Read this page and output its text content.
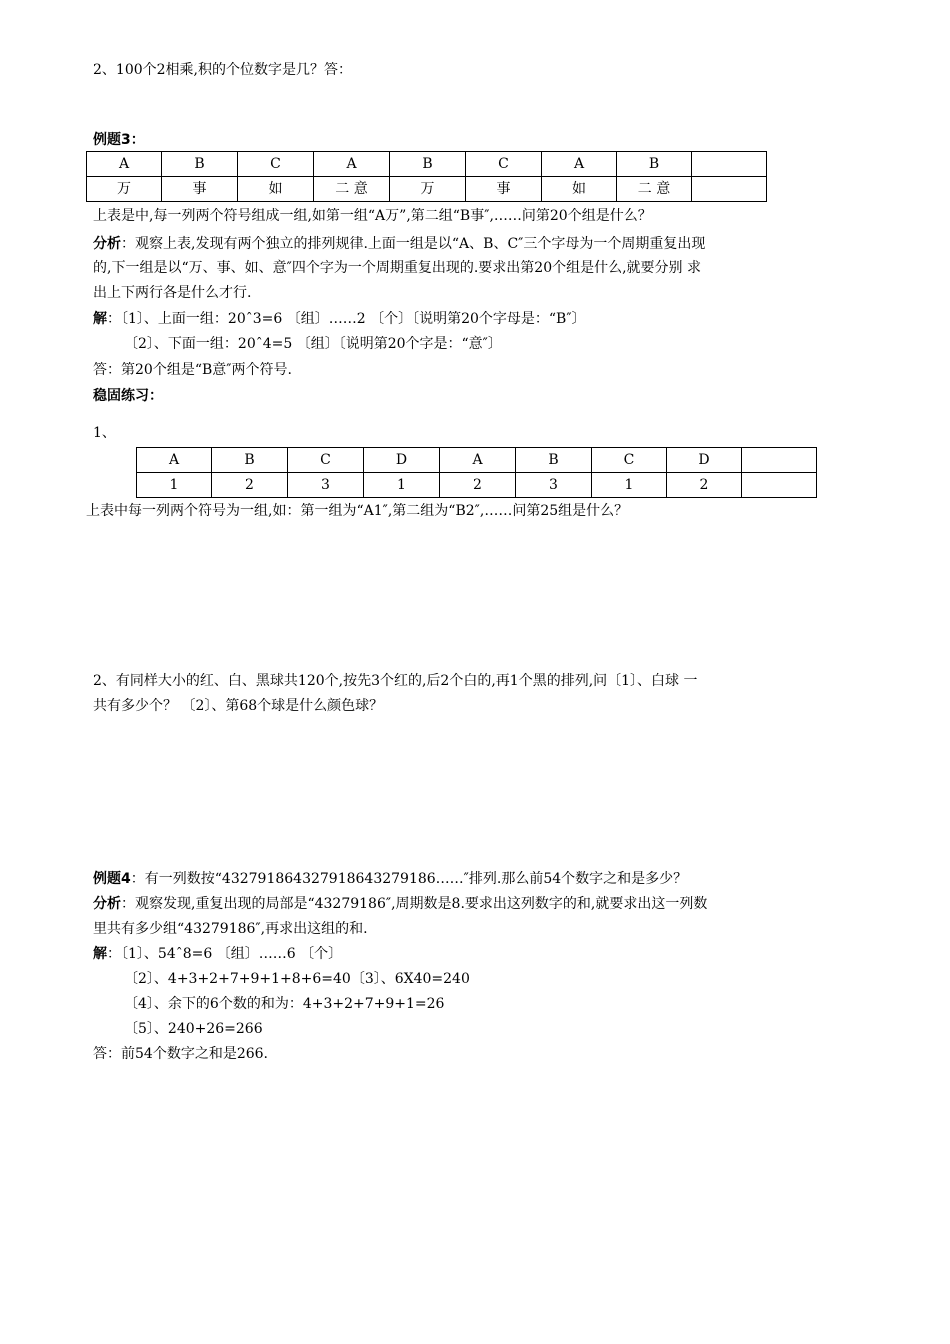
2、100个2相乘,积的个位数字是几？答：
例题3：
A	B	C	A	B	C	A	B	
万	事	如	二 意	万	事	如	二 意	
上表是中,每一列两个符号组成一组,如第一组“A万”,第二组“B事″,……问第20个组是什么？
分析：观察上表,发现有两个独立的排列规律.上面一组是以“A、B、C″三个字母为一个周期重复出现
的,下一组是以“万、事、如、意″四个字为一个周期重复出现的.要求出第20个组是什么,就要分别 求
出上下两行各是什么才行.
解：〔1〕、上面一组：20ˆ3=6 〔组〕……2 〔个〕〔说明第20个字母是：“B″〕
〔2〕、下面一组：20ˆ4=5 〔组〕〔说明第20个字是：“意″〕
答：第20个组是“B意″两个符号.
稳固练习：
1、
A	B	C	D	A	B	C	D	
1	2	3	1	2	3	1	2	
上表中每一列两个符号为一组,如：第一组为“A1″,第二组为“B2″,……问第25组是什么？
2、有同样大小的红、白、黑球共120个,按先3个红的,后2个白的,再1个黑的排列,问〔1〕、白球 一
共有多少个？ 〔2〕、第68个球是什么颜色球？
例题4：有一列数按“432791864327918643279186……″排列.那么前54个数字之和是多少？
分析：观察发现,重复出现的局部是“43279186″,周期数是8.要求出这列数字的和,就要求出这一列数
里共有多少组“43279186″,再求出这组的和.
解：〔1〕、54ˆ8=6 〔组〕……6 〔个〕
〔2〕、4+3+2+7+9+1+8+6=40〔3〕、6X40=240
〔4〕、余下的6个数的和为：4+3+2+7+9+1=26
〔5〕、240+26=266
答：前54个数字之和是266.
